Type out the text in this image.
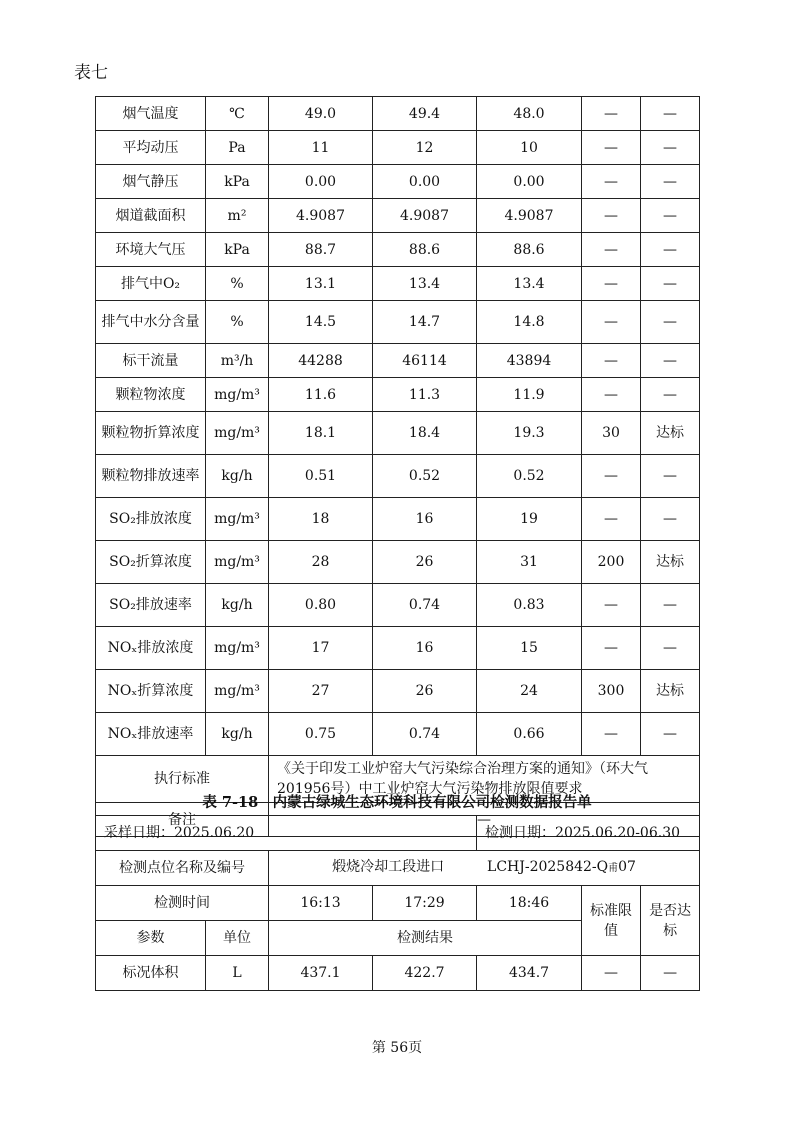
表七
烟气温度	℃	49.0	49.4	48.0	—	—
平均动压	Pa	11	12	10	—	—
烟气静压	kPa	0.00	0.00	0.00	—	—
烟道截面积	m²	4.9087	4.9087	4.9087	—	—
环境大气压	kPa	88.7	88.6	88.6	—	—
排气中O₂	%	13.1	13.4	13.4	—	—
排气中水分含量	%	14.5	14.7	14.8	—	—
标干流量	m³/h	44288	46114	43894	—	—
颗粒物浓度	mg/m³	11.6	11.3	11.9	—	—
颗粒物折算浓度	mg/m³	18.1	18.4	19.3	30	达标
颗粒物排放速率	kg/h	0.51	0.52	0.52	—	—
SO₂排放浓度	mg/m³	18	16	19	—	—
SO₂折算浓度	mg/m³	28	26	31	200	达标
SO₂排放速率	kg/h	0.80	0.74	0.83	—	—
NOₓ排放浓度	mg/m³	17	16	15	—	—
NOₓ折算浓度	mg/m³	27	26	24	300	达标
NOₓ排放速率	kg/h	0.75	0.74	0.66	—	—
执行标准		《关于印发工业炉窑大气污染综合治理方案的通知》（环大气201956号）中工业炉窑大气污染物排放限值要求				
备注		—				
表 7-18　内蒙古绿城生态环境科技有限公司检测数据报告单
采样日期：2025.06.20				检测日期：2025.06.20-06.30		
检测点位名称及编号		煅烧冷却工段进口 LCHJ-2025842-Q甫07				
检测时间		16:13	17:29	18:46	标准限值	是否达标
参数	单位	检测结果				
标况体积	L	437.1	422.7	434.7	—	—
第 56页
